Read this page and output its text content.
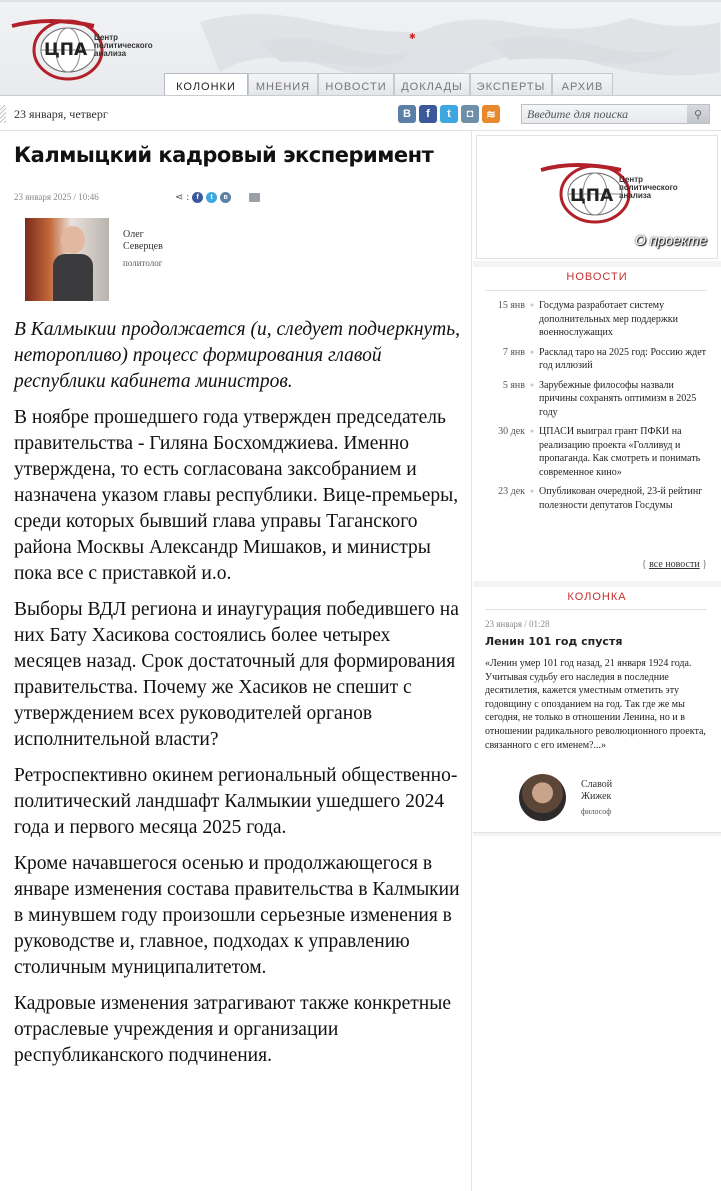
✱
ЦПА
Центр
политического
анализа
КОЛОНКИ	МНЕНИЯ	НОВОСТИ	ДОКЛАДЫ	ЭКСПЕРТЫ	АРХИВ
23 января, четверг	В	f	t	◘	≋
Введите для поиска	⚲
Калмыцкий кадровый эксперимент
23 января 2025 / 10:46	⋖ :	f	t	в
Олег Северцев
политолог

В Калмыкии продолжается (и, следует подчеркнуть, неторопливо) процесс формирования главой республики кабинета министров.

В ноябре прошедшего года утвержден председатель правительства - Гиляна Босхомджиева. Именно утверждена, то есть согласована заксобранием и назначена указом главы республики. Вице-премьеры, среди которых бывший глава управы Таганского района Москвы Александр Мишаков, и министры пока все с приставкой и.о.

Выборы ВДЛ региона и инаугурация победившего на них Бату Хасикова состоялись более четырех месяцев назад. Срок достаточный для формирования правительства. Почему же Хасиков не спешит с утверждением всех руководителей органов исполнительной власти?

Ретроспективно окинем региональный общественно-политический ландшафт Калмыкии ушедшего 2024 года и первого месяца 2025 года.

Кроме начавшегося осенью и продолжающегося в январе изменения состава правительства в Калмыкии в минувшем году произошли серьезные изменения в руководстве и, главное, подходах к управлению столичным муниципалитетом.

Кадровые изменения затрагивают также конкретные отраслевые учреждения и организации республиканского подчинения.

ЦПА
Центр
политического
анализа
О проекте
НОВОСТИ
15 янв ● Госдума разработает систему дополнительных мер поддержки военнослужащих
7 янв ● Расклад таро на 2025 год: Россию ждет год иллюзий
5 янв ● Зарубежные философы назвали причины сохранять оптимизм в 2025 году
30 дек ● ЦПАСИ выиграл грант ПФКИ на реализацию проекта «Голливуд и пропаганда. Как смотреть и понимать современное кино»
23 дек ● Опубликован очередной, 23-й рейтинг полезности депутатов Госдумы
{ все новости }
КОЛОНКА
23 января / 01:28
Ленин 101 год спустя
«Ленин умер 101 год назад, 21 января 1924 года. Учитывая судьбу его наследия в последние десятилетия, кажется уместным отметить эту годовщину с опозданием на год. Так где же мы сегодня, не только в отношении Ленина, но и в отношении радикального революционного проекта, связанного с его именем?...»
Славой Жижек
философ
